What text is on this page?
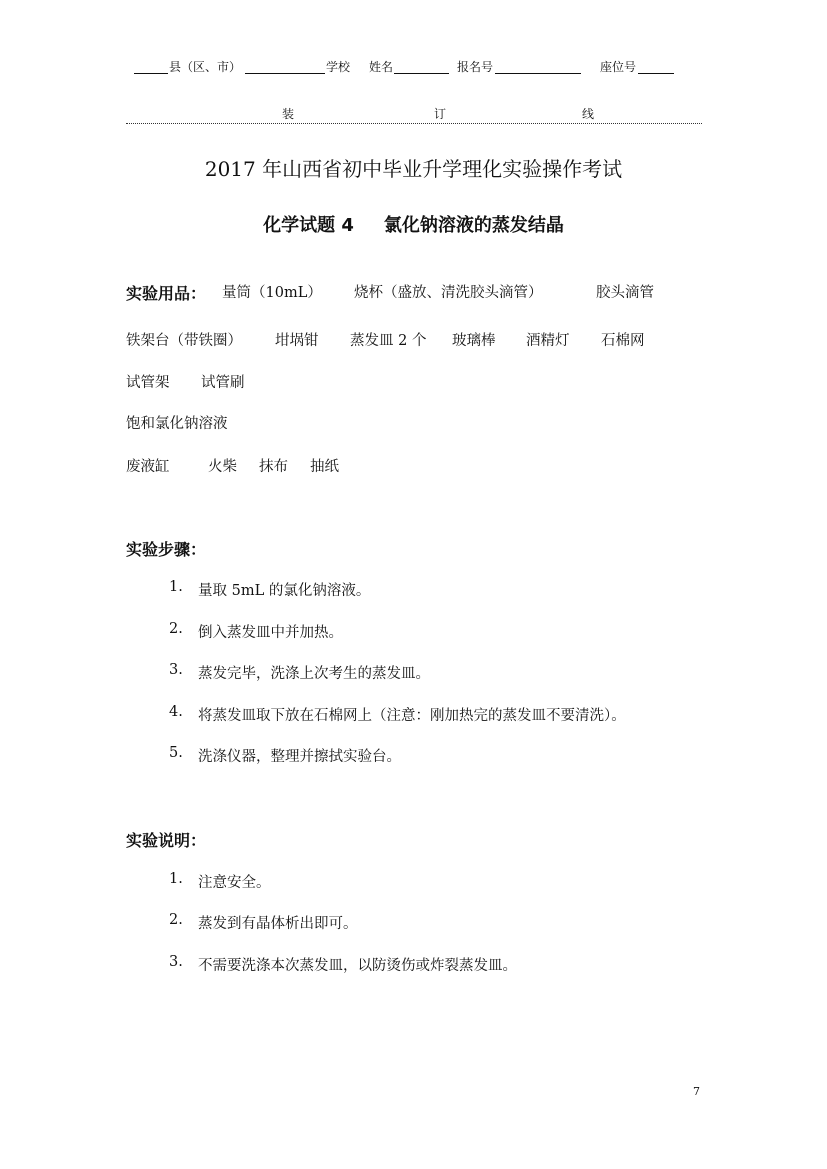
县（区、市）	学校 姓名	报名号	座位号
装	订	线
2017 年山西省初中毕业升学理化实验操作考试
化学试题 4 氯化钠溶液的蒸发结晶
实验用品： 量筒（10mL） 烧杯（盛放、清洗胶头滴管）	胶头滴管
铁架台（带铁圈） 坩埚钳 蒸发皿 2 个 玻璃棒 酒精灯 石棉网
试管架 试管刷
饱和氯化钠溶液
废液缸	火柴 抹布 抽纸
实验步骤：
1. 量取 5mL 的氯化钠溶液。
2. 倒入蒸发皿中并加热。
3. 蒸发完毕，洗涤上次考生的蒸发皿。
4. 将蒸发皿取下放在石棉网上（注意：刚加热完的蒸发皿不要清洗）。
5. 洗涤仪器，整理并擦拭实验台。
实验说明：
1. 注意安全。
2. 蒸发到有晶体析出即可。
3. 不需要洗涤本次蒸发皿，以防烫伤或炸裂蒸发皿。
7
